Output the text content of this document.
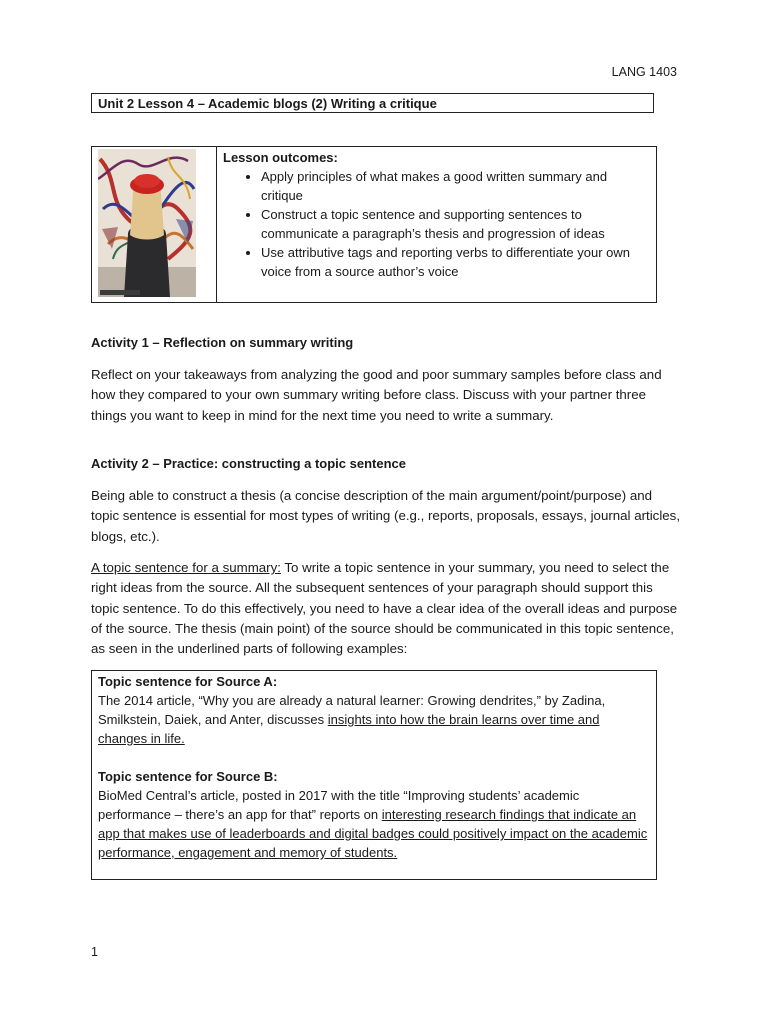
LANG 1403
Unit 2 Lesson 4 – Academic blogs (2) Writing a critique
Lesson outcomes:
• Apply principles of what makes a good written summary and critique
• Construct a topic sentence and supporting sentences to communicate a paragraph’s thesis and progression of ideas
• Use attributive tags and reporting verbs to differentiate your own voice from a source author’s voice
Activity 1 – Reflection on summary writing

Reflect on your takeaways from analyzing the good and poor summary samples before class and how they compared to your own summary writing before class. Discuss with your partner three things you want to keep in mind for the next time you need to write a summary.

Activity 2 – Practice: constructing a topic sentence

Being able to construct a thesis (a concise description of the main argument/point/purpose) and topic sentence is essential for most types of writing (e.g., reports, proposals, essays, journal articles, blogs, etc.).

A topic sentence for a summary: To write a topic sentence in your summary, you need to select the right ideas from the source. All the subsequent sentences of your paragraph should support this topic sentence. To do this effectively, you need to have a clear idea of the overall ideas and purpose of the source. The thesis (main point) of the source should be communicated in this topic sentence, as seen in the underlined parts of following examples:

Topic sentence for Source A:

The 2014 article, “Why you are already a natural learner: Growing dendrites,” by Zadina, Smilkstein, Daiek, and Anter, discusses insights into how the brain learns over time and changes in life.

Topic sentence for Source B:

BioMed Central’s article, posted in 2017 with the title “Improving students’ academic performance – there’s an app for that” reports on interesting research findings that indicate an app that makes use of leaderboards and digital badges could positively impact on the academic performance, engagement and memory of students.

1
